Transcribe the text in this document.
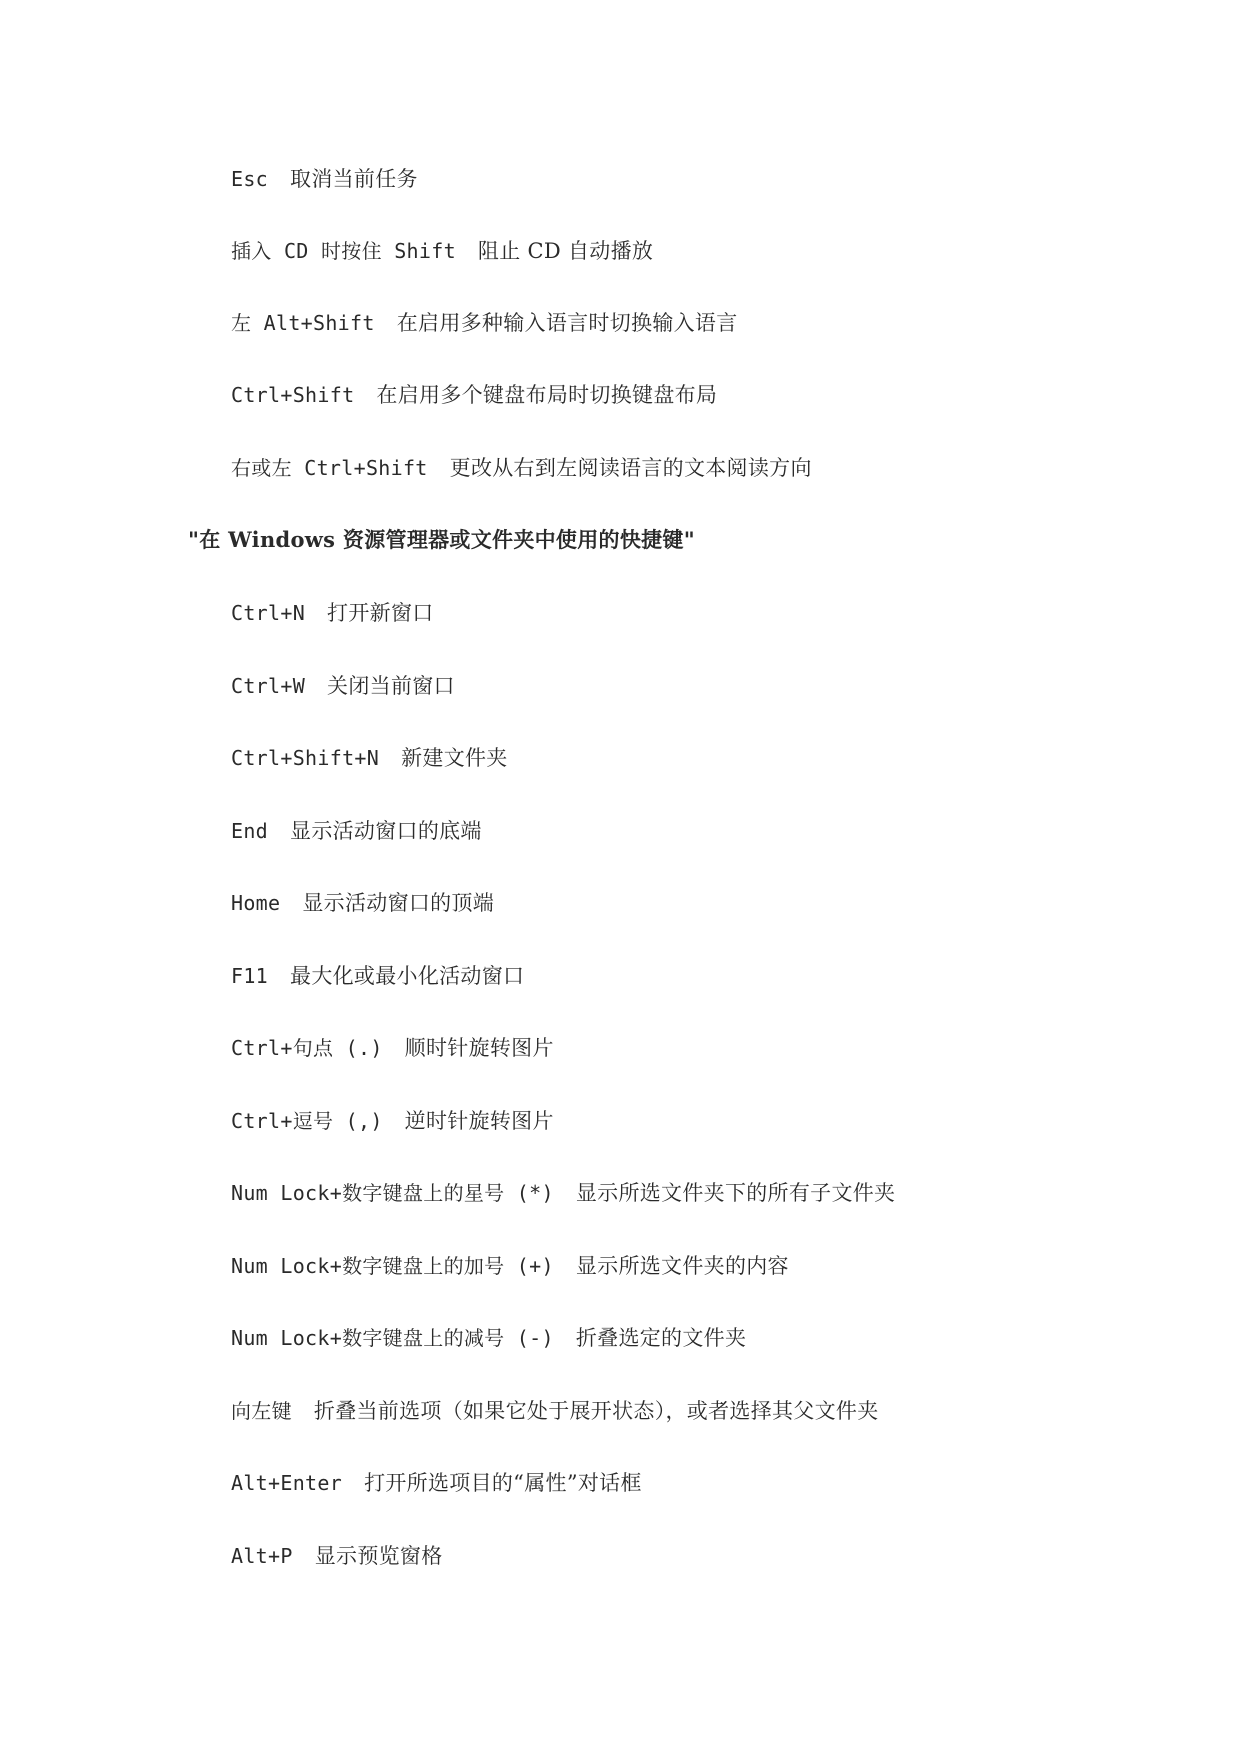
Esc 取消当前任务
插入 CD 时按住 Shift 阻止 CD 自动播放
左 Alt+Shift 在启用多种输入语言时切换输入语言
Ctrl+Shift 在启用多个键盘布局时切换键盘布局
右或左 Ctrl+Shift 更改从右到左阅读语言的文本阅读方向
"在 Windows 资源管理器或文件夹中使用的快捷键"
Ctrl+N 打开新窗口
Ctrl+W 关闭当前窗口
Ctrl+Shift+N 新建文件夹
End 显示活动窗口的底端
Home 显示活动窗口的顶端
F11 最大化或最小化活动窗口
Ctrl+句点 (.) 顺时针旋转图片
Ctrl+逗号 (,) 逆时针旋转图片
Num Lock+数字键盘上的星号 (*) 显示所选文件夹下的所有子文件夹
Num Lock+数字键盘上的加号 (+) 显示所选文件夹的内容
Num Lock+数字键盘上的减号 (-) 折叠选定的文件夹
向左键 折叠当前选项（如果它处于展开状态），或者选择其父文件夹
Alt+Enter 打开所选项目的“属性”对话框
Alt+P 显示预览窗格
